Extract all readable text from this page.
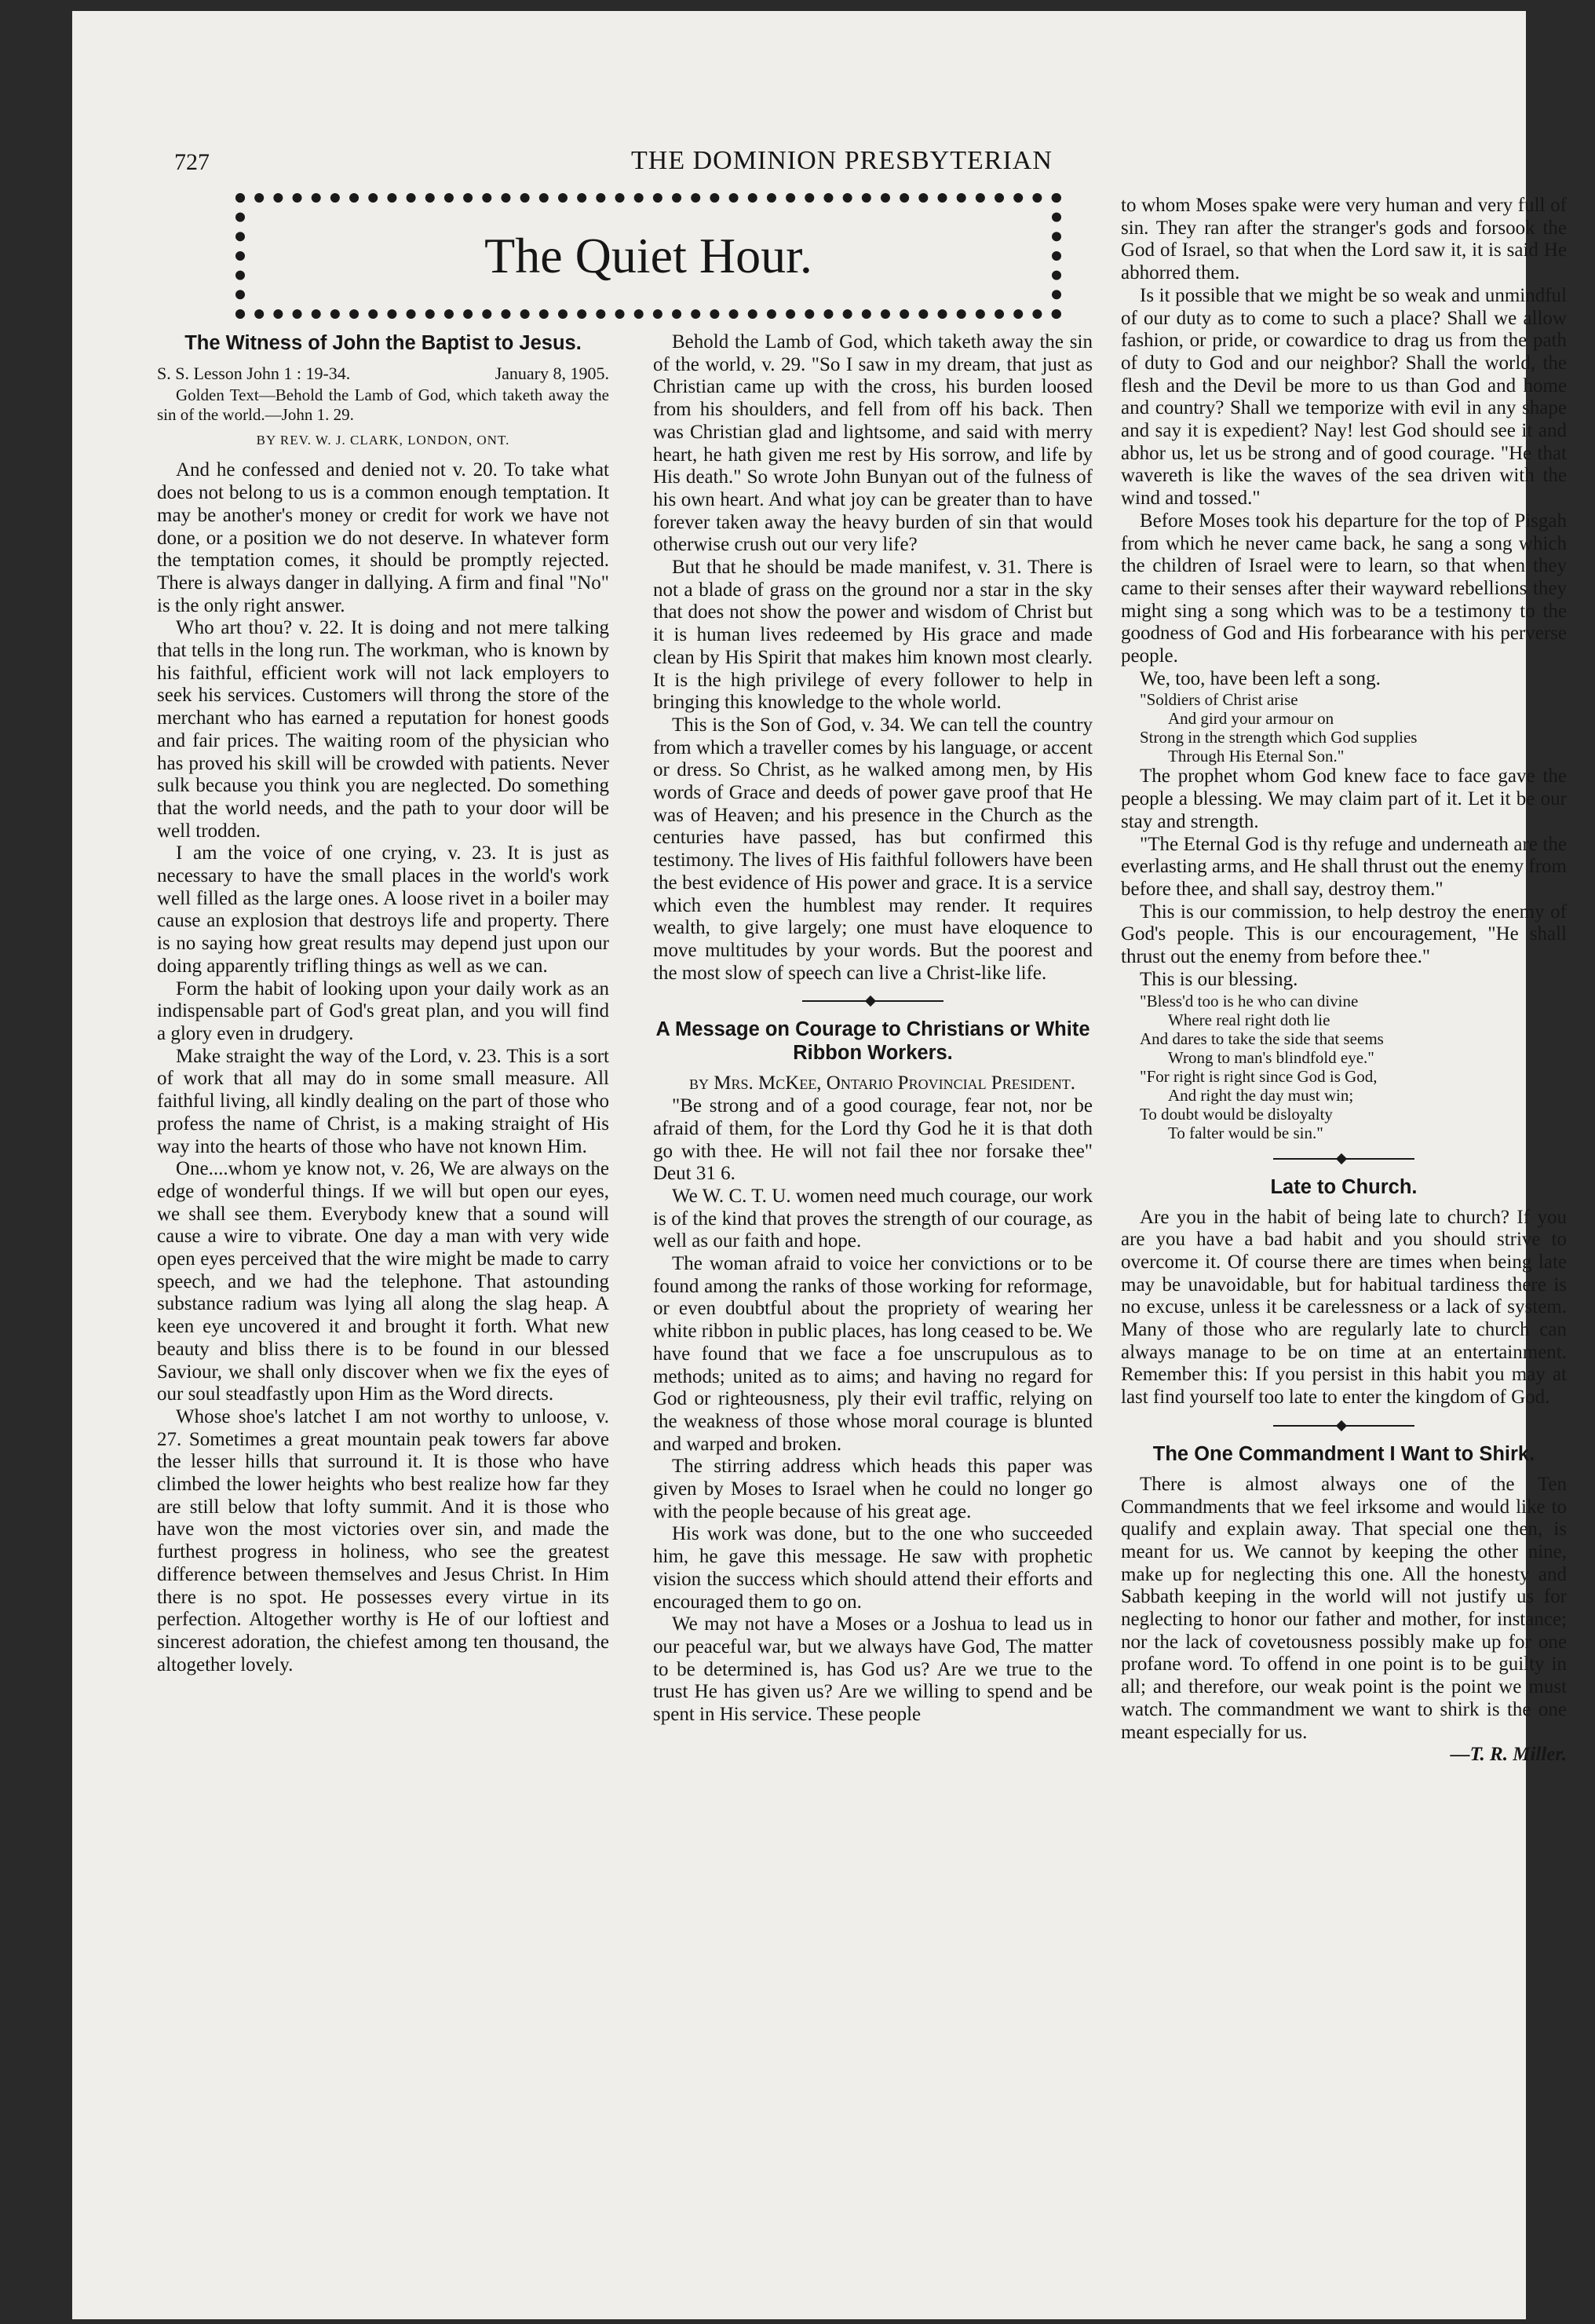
727	THE DOMINION PRESBYTERIAN
The Quiet Hour.
The Witness of John the Baptist to Jesus.

S. S. Lesson John 1 : 19-34.	January 8, 1905.

Golden Text—Behold the Lamb of God, which taketh away the sin of the world.—John 1. 29.

BY REV. W. J. CLARK, LONDON, ONT.

And he confessed and denied not v. 20. To take what does not belong to us is a common enough temptation. It may be another's money or credit for work we have not done, or a position we do not deserve. In whatever form the temptation comes, it should be promptly rejected. There is always danger in dallying. A firm and final "No" is the only right answer.

Who art thou? v. 22. It is doing and not mere talking that tells in the long run. The workman, who is known by his faithful, efficient work will not lack employers to seek his services. Customers will throng the store of the merchant who has earned a reputation for honest goods and fair prices. The waiting room of the physician who has proved his skill will be crowded with patients. Never sulk because you think you are neglected. Do something that the world needs, and the path to your door will be well trodden.

I am the voice of one crying, v. 23. It is just as necessary to have the small places in the world's work well filled as the large ones. A loose rivet in a boiler may cause an explosion that destroys life and property. There is no saying how great results may depend just upon our doing apparently trifling things as well as we can.

Form the habit of looking upon your daily work as an indispensable part of God's great plan, and you will find a glory even in drudgery.

Make straight the way of the Lord, v. 23. This is a sort of work that all may do in some small measure. All faithful living, all kindly dealing on the part of those who profess the name of Christ, is a making straight of His way into the hearts of those who have not known Him.

One....whom ye know not, v. 26, We are always on the edge of wonderful things. If we will but open our eyes, we shall see them. Everybody knew that a sound will cause a wire to vibrate. One day a man with very wide open eyes perceived that the wire might be made to carry speech, and we had the telephone. That astounding substance radium was lying all along the slag heap. A keen eye uncovered it and brought it forth. What new beauty and bliss there is to be found in our blessed Saviour, we shall only discover when we fix the eyes of our soul steadfastly upon Him as the Word directs.

Whose shoe's latchet I am not worthy to unloose, v. 27. Sometimes a great mountain peak towers far above the lesser hills that surround it. It is those who have climbed the lower heights who best realize how far they are still below that lofty summit. And it is those who have won the most victories over sin, and made the furthest progress in holiness, who see the greatest difference between themselves and Jesus Christ. In Him there is no spot. He possesses every virtue in its perfection. Altogether worthy is He of our loftiest and sincerest adoration, the chiefest among ten thousand, the altogether lovely.

Behold the Lamb of God, which taketh away the sin of the world, v. 29. "So I saw in my dream, that just as Christian came up with the cross, his burden loosed from his shoulders, and fell from off his back. Then was Christian glad and lightsome, and said with merry heart, he hath given me rest by His sorrow, and life by His death." So wrote John Bunyan out of the fulness of his own heart. And what joy can be greater than to have forever taken away the heavy burden of sin that would otherwise crush out our very life?

But that he should be made manifest, v. 31. There is not a blade of grass on the ground nor a star in the sky that does not show the power and wisdom of Christ but it is human lives redeemed by His grace and made clean by His Spirit that makes him known most clearly. It is the high privilege of every follower to help in bringing this knowledge to the whole world.

This is the Son of God, v. 34. We can tell the country from which a traveller comes by his language, or accent or dress. So Christ, as he walked among men, by His words of Grace and deeds of power gave proof that He was of Heaven; and his presence in the Church as the centuries have passed, has but confirmed this testimony. The lives of His faithful followers have been the best evidence of His power and grace. It is a service which even the humblest may render. It requires wealth, to give largely; one must have eloquence to move multitudes by your words. But the poorest and the most slow of speech can live a Christ-like life.

A Message on Courage to Christians or White Ribbon Workers.

by Mrs. McKee, Ontario Provincial President.

"Be strong and of a good courage, fear not, nor be afraid of them, for the Lord thy God he it is that doth go with thee. He will not fail thee nor forsake thee" Deut 31 6.

We W. C. T. U. women need much courage, our work is of the kind that proves the strength of our courage, as well as our faith and hope.

The woman afraid to voice her convictions or to be found among the ranks of those working for reformage, or even doubtful about the propriety of wearing her white ribbon in public places, has long ceased to be. We have found that we face a foe unscrupulous as to methods; united as to aims; and having no regard for God or righteousness, ply their evil traffic, relying on the weakness of those whose moral courage is blunted and warped and broken.

The stirring address which heads this paper was given by Moses to Israel when he could no longer go with the people because of his great age.

His work was done, but to the one who succeeded him, he gave this message. He saw with prophetic vision the success which should attend their efforts and encouraged them to go on.

We may not have a Moses or a Joshua to lead us in our peaceful war, but we always have God, The matter to be determined is, has God us? Are we true to the trust He has given us? Are we willing to spend and be spent in His service. These people

to whom Moses spake were very human and very full of sin. They ran after the stranger's gods and forsook the God of Israel, so that when the Lord saw it, it is said He abhorred them.

Is it possible that we might be so weak and unmindful of our duty as to come to such a place? Shall we allow fashion, or pride, or cowardice to drag us from the path of duty to God and our neighbor? Shall the world, the flesh and the Devil be more to us than God and home and country? Shall we temporize with evil in any shape and say it is expedient? Nay! lest God should see it and abhor us, let us be strong and of good courage. "He that wavereth is like the waves of the sea driven with the wind and tossed."

Before Moses took his departure for the top of Pisgah from which he never came back, he sang a song which the children of Israel were to learn, so that when they came to their senses after their wayward rebellions they might sing a song which was to be a testimony to the goodness of God and His forbearance with his perverse people.

We, too, have been left a song.

"Soldiers of Christ arise
And gird your armour on
Strong in the strength which God supplies
Through His Eternal Son."

The prophet whom God knew face to face gave the people a blessing. We may claim part of it. Let it be our stay and strength.

"The Eternal God is thy refuge and underneath are the everlasting arms, and He shall thrust out the enemy from before thee, and shall say, destroy them."

This is our commission, to help destroy the enemy of God's people. This is our encouragement, "He shall thrust out the enemy from before thee."

This is our blessing.

"Bless'd too is he who can divine
Where real right doth lie
And dares to take the side that seems
Wrong to man's blindfold eye."
"For right is right since God is God,
And right the day must win;
To doubt would be disloyalty
To falter would be sin."

Late to Church.

Are you in the habit of being late to church? If you are you have a bad habit and you should strive to overcome it. Of course there are times when being late may be unavoidable, but for habitual tardiness there is no excuse, unless it be carelessness or a lack of system. Many of those who are regularly late to church can always manage to be on time at an entertainment. Remember this: If you persist in this habit you may at last find yourself too late to enter the kingdom of God.

The One Commandment I Want to Shirk.

There is almost always one of the Ten Commandments that we feel irksome and would like to qualify and explain away. That special one then, is meant for us. We cannot by keeping the other nine, make up for neglecting this one. All the honesty and Sabbath keeping in the world will not justify us for neglecting to honor our father and mother, for instance; nor the lack of covetousness possibly make up for one profane word. To offend in one point is to be guilty in all; and therefore, our weak point is the point we must watch. The commandment we want to shirk is the one meant especially for us.

—T. R. Miller.
